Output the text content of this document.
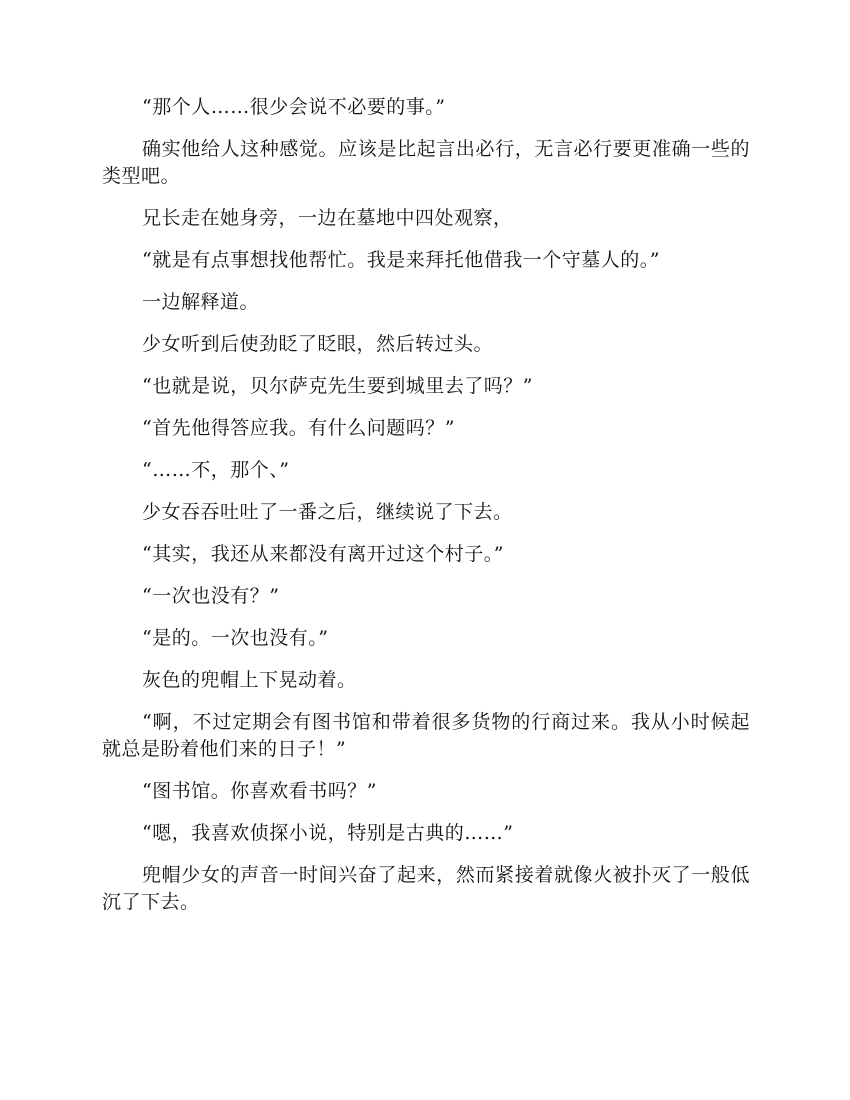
“那个人……很少会说不必要的事。”

确实他给人这种感觉。应该是比起言出必行，无言必行要更准确一些的类型吧。

兄长走在她身旁，一边在墓地中四处观察，

“就是有点事想找他帮忙。我是来拜托他借我一个守墓人的。”

一边解释道。

少女听到后使劲眨了眨眼，然后转过头。

“也就是说，贝尔萨克先生要到城里去了吗？”

“首先他得答应我。有什么问题吗？”

“……不，那个、”

少女吞吞吐吐了一番之后，继续说了下去。

“其实，我还从来都没有离开过这个村子。”

“一次也没有？”

“是的。一次也没有。”

灰色的兜帽上下晃动着。

“啊，不过定期会有图书馆和带着很多货物的行商过来。我从小时候起就总是盼着他们来的日子！”

“图书馆。你喜欢看书吗？”

“嗯，我喜欢侦探小说，特别是古典的……”

兜帽少女的声音一时间兴奋了起来，然而紧接着就像火被扑灭了一般低沉了下去。
